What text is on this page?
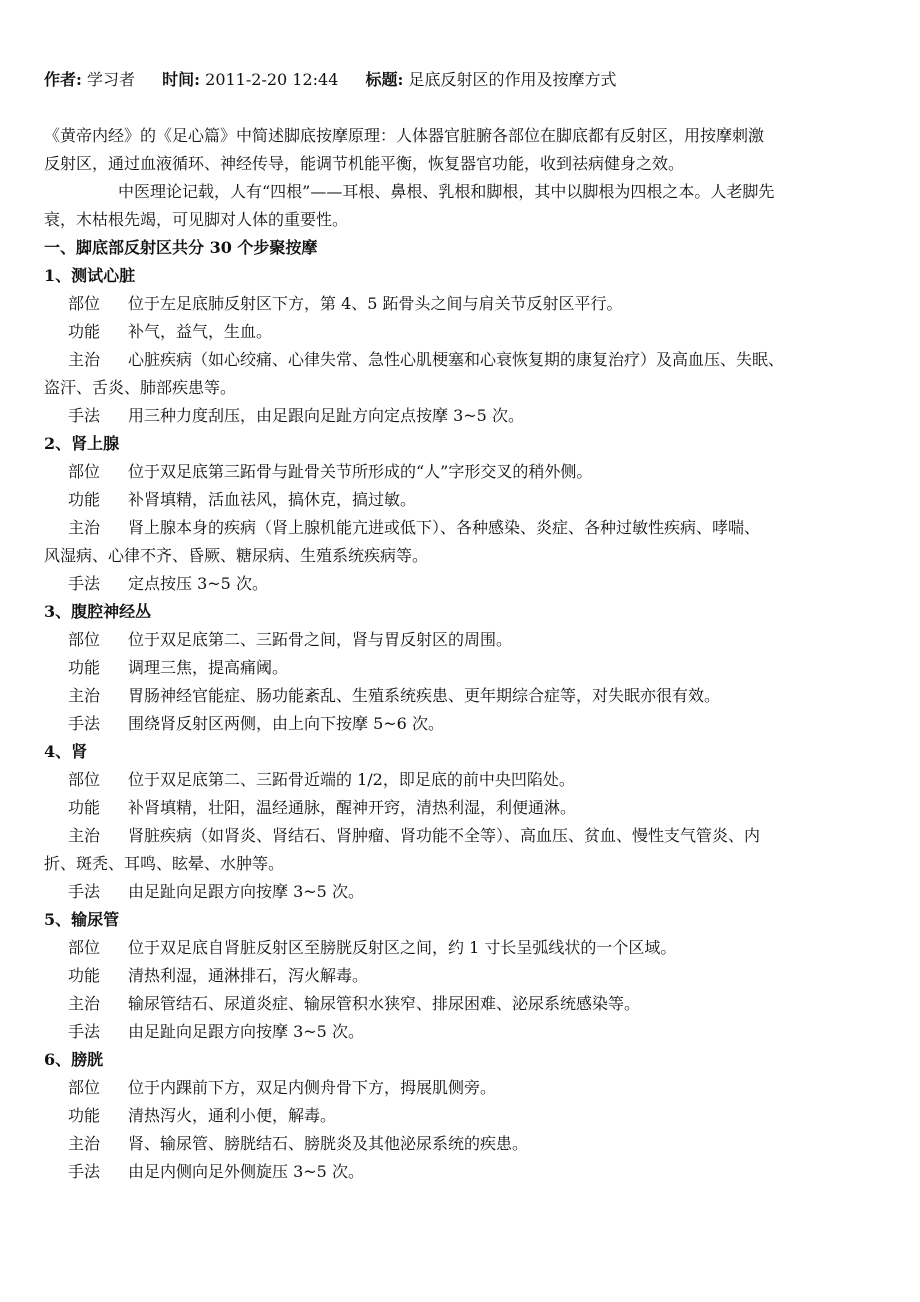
作者: 学习者 时间: 2011-2-20 12:44 标题: 足底反射区的作用及按摩方式
《黄帝内经》的《足心篇》中简述脚底按摩原理：人体器官脏腑各部位在脚底都有反射区，用按摩刺激
反射区，通过血液循环、神经传导，能调节机能平衡，恢复器官功能，收到祛病健身之效。
中医理论记载，人有“四根”——耳根、鼻根、乳根和脚根，其中以脚根为四根之本。人老脚先
衰，木枯根先竭，可见脚对人体的重要性。
一、脚底部反射区共分 30 个步聚按摩
1、测试心脏
部位 位于左足底肺反射区下方，第 4、5 跖骨头之间与肩关节反射区平行。
功能 补气，益气，生血。
主治 心脏疾病（如心绞痛、心律失常、急性心肌梗塞和心衰恢复期的康复治疗）及高血压、失眠、
盗汗、舌炎、肺部疾患等。
手法 用三种力度刮压，由足跟向足趾方向定点按摩 3~5 次。
2、肾上腺
部位 位于双足底第三跖骨与趾骨关节所形成的“人”字形交叉的稍外侧。
功能 补肾填精，活血祛风，搞休克，搞过敏。
主治 肾上腺本身的疾病（肾上腺机能亢进或低下）、各种感染、炎症、各种过敏性疾病、哮喘、
风湿病、心律不齐、昏厥、糖尿病、生殖系统疾病等。
手法 定点按压 3~5 次。
3、腹腔神经丛
部位 位于双足底第二、三跖骨之间，肾与胃反射区的周围。
功能 调理三焦，提高痛阈。
主治 胃肠神经官能症、肠功能紊乱、生殖系统疾患、更年期综合症等，对失眠亦很有效。
手法 围绕肾反射区两侧，由上向下按摩 5~6 次。
4、肾
部位 位于双足底第二、三跖骨近端的 1/2，即足底的前中央凹陷处。
功能 补肾填精，壮阳，温经通脉，醒神开窍，清热利湿，利便通淋。
主治 肾脏疾病（如肾炎、肾结石、肾肿瘤、肾功能不全等）、高血压、贫血、慢性支气管炎、内
折、斑秃、耳鸣、眩晕、水肿等。
手法 由足趾向足跟方向按摩 3~5 次。
5、输尿管
部位 位于双足底自肾脏反射区至膀胱反射区之间，约 1 寸长呈弧线状的一个区域。
功能 清热利湿，通淋排石，泻火解毒。
主治 输尿管结石、尿道炎症、输尿管积水狭窄、排尿困难、泌尿系统感染等。
手法 由足趾向足跟方向按摩 3~5 次。
6、膀胱
部位 位于内踝前下方，双足内侧舟骨下方，拇展肌侧旁。
功能 清热泻火，通利小便，解毒。
主治 肾、输尿管、膀胱结石、膀胱炎及其他泌尿系统的疾患。
手法 由足内侧向足外侧旋压 3~5 次。
